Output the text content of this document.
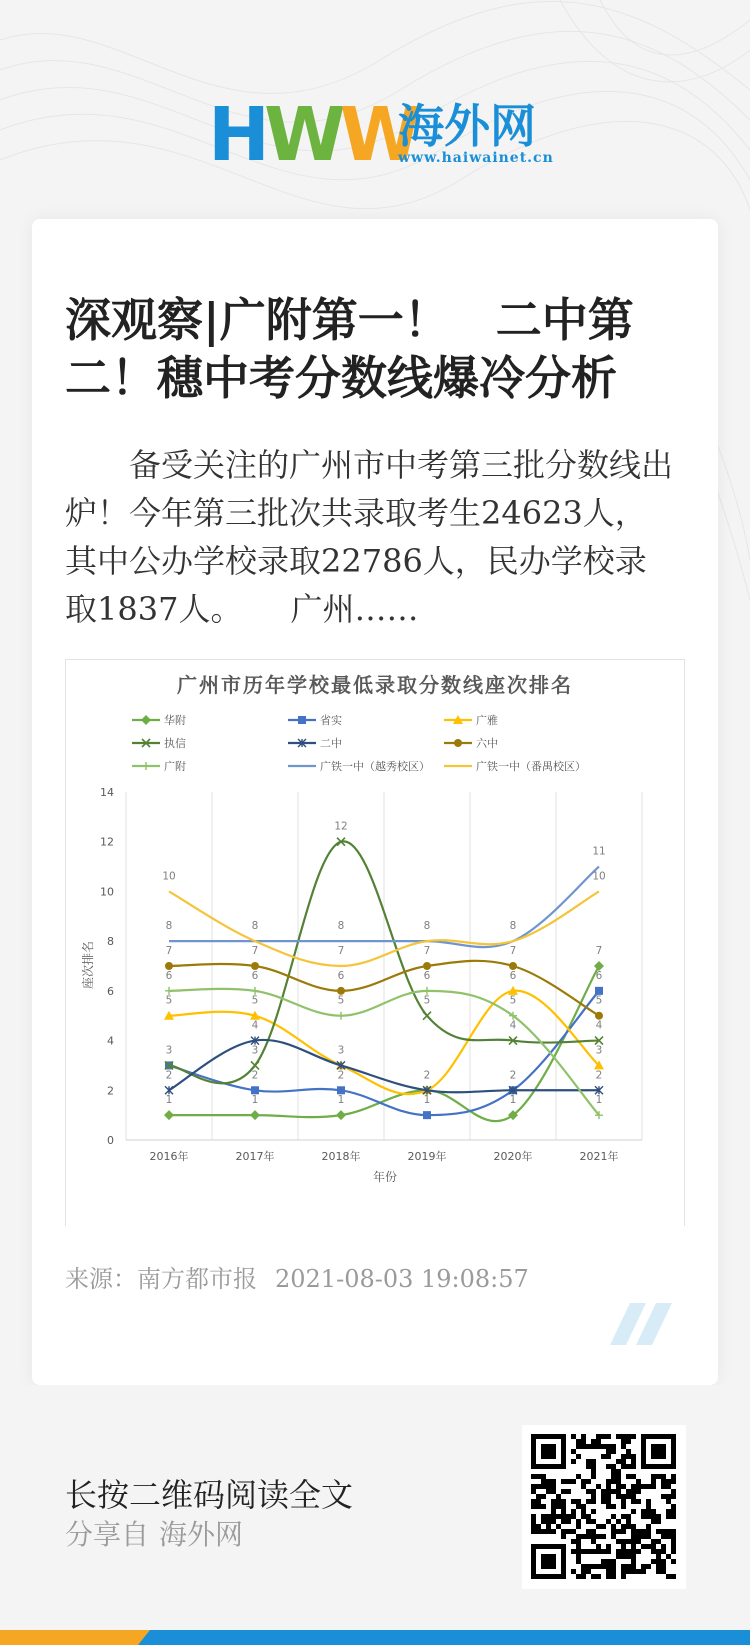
HWW
海外网
www.haiwainet.cn
深观察|广附第一！　二中第二！穗中考分数线爆冷分析

备受关注的广州市中考第三批分数线出炉！今年第三批次共录取考生24623人，其中公办学校录取22786人，民办学校录取1837人。　　广州……

广州市历年学校最低录取分数线座次排名
华附	省实	广雅
执信	二中	六中
广附	广铁一中（越秀校区）	广铁一中（番禺校区）
0
2
4
6
8
10
12
14
2016年	2017年	2018年	2019年	2020年	2021年
10
8
7
6
5
3
2
1
8
7
6
5
4
3
2
1
12
8
7
6
5
3
2
1
8
7
6
5
2
1
8
7
6
5
4
2
1
11
10
7
6
5
4
3
2
1
年份
座次排名
来源：南方都市报 2021-08-03 19:08:57
长按二维码阅读全文
分享自 海外网
